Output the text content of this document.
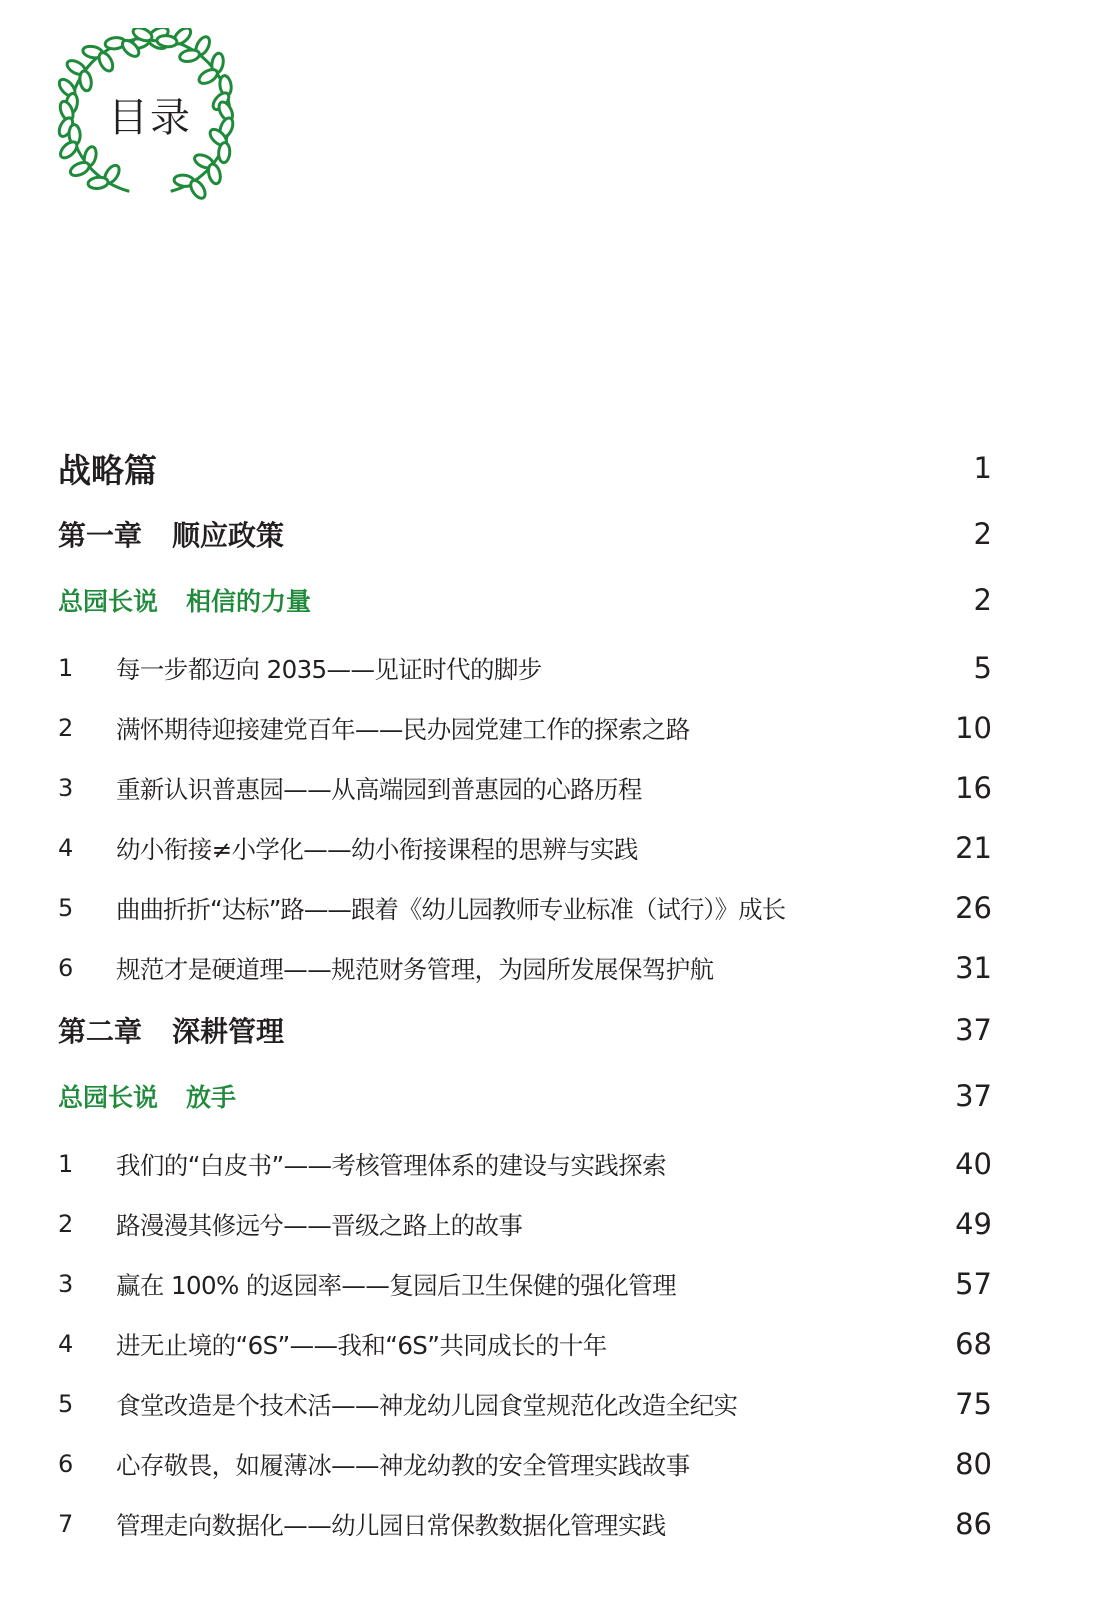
目录
战略篇	1
第一章 顺应政策	2
总园长说 相信的力量	2
1	每一步都迈向 2035——见证时代的脚步	5
2	满怀期待迎接建党百年——民办园党建工作的探索之路	10
3	重新认识普惠园——从高端园到普惠园的心路历程	16
4	幼小衔接≠小学化——幼小衔接课程的思辨与实践	21
5	曲曲折折“达标”路——跟着《幼儿园教师专业标准（试行）》成长	26
6	规范才是硬道理——规范财务管理，为园所发展保驾护航	31
第二章 深耕管理	37
总园长说 放手	37
1	我们的“白皮书”——考核管理体系的建设与实践探索	40
2	路漫漫其修远兮——晋级之路上的故事	49
3	赢在 100% 的返园率——复园后卫生保健的强化管理	57
4	进无止境的“6S”——我和“6S”共同成长的十年	68
5	食堂改造是个技术活——神龙幼儿园食堂规范化改造全纪实	75
6	心存敬畏，如履薄冰——神龙幼教的安全管理实践故事	80
7	管理走向数据化——幼儿园日常保教数据化管理实践	86
